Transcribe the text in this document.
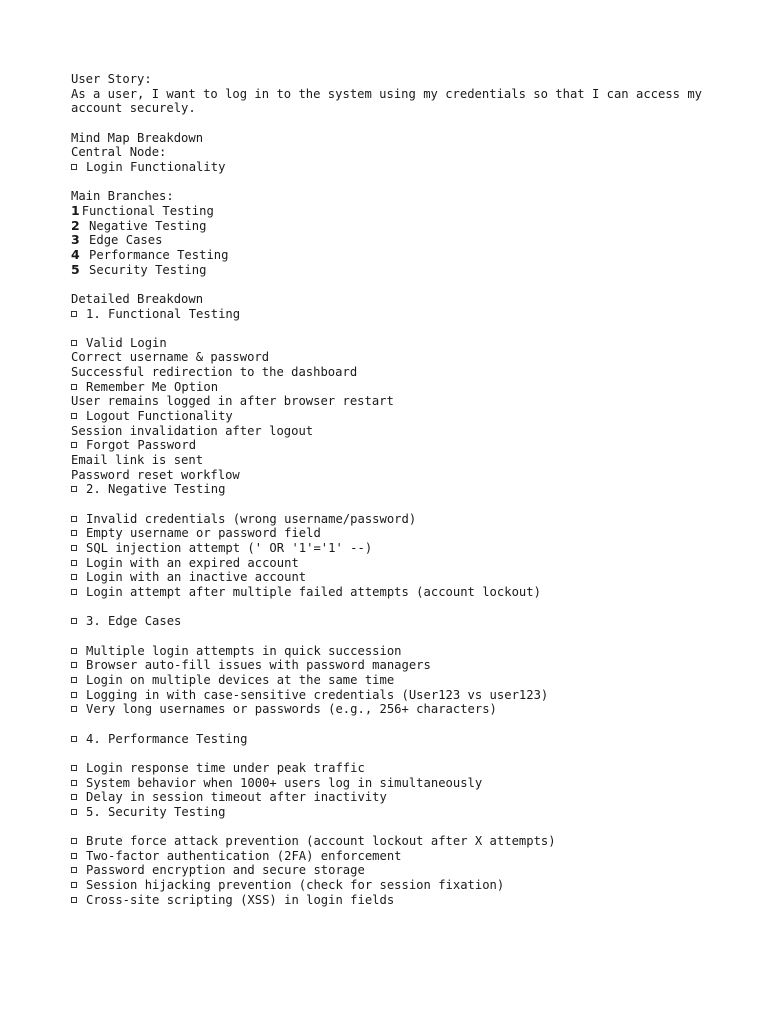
User Story:
As a user, I want to log in to the system using my credentials so that I can access my account securely.
Mind Map Breakdown
Central Node:
Login Functionality
Main Branches:
1 Functional Testing
2 Negative Testing
3 Edge Cases
4 Performance Testing
5 Security Testing
Detailed Breakdown
1. Functional Testing
Valid Login
Correct username & password
Successful redirection to the dashboard
Remember Me Option
User remains logged in after browser restart
Logout Functionality
Session invalidation after logout
Forgot Password
Email link is sent
Password reset workflow
2. Negative Testing
Invalid credentials (wrong username/password)
Empty username or password field
SQL injection attempt (' OR '1'='1' --)
Login with an expired account
Login with an inactive account
Login attempt after multiple failed attempts (account lockout)
3. Edge Cases
Multiple login attempts in quick succession
Browser auto-fill issues with password managers
Login on multiple devices at the same time
Logging in with case-sensitive credentials (User123 vs user123)
Very long usernames or passwords (e.g., 256+ characters)
4. Performance Testing
Login response time under peak traffic
System behavior when 1000+ users log in simultaneously
Delay in session timeout after inactivity
5. Security Testing
Brute force attack prevention (account lockout after X attempts)
Two-factor authentication (2FA) enforcement
Password encryption and secure storage
Session hijacking prevention (check for session fixation)
Cross-site scripting (XSS) in login fields
